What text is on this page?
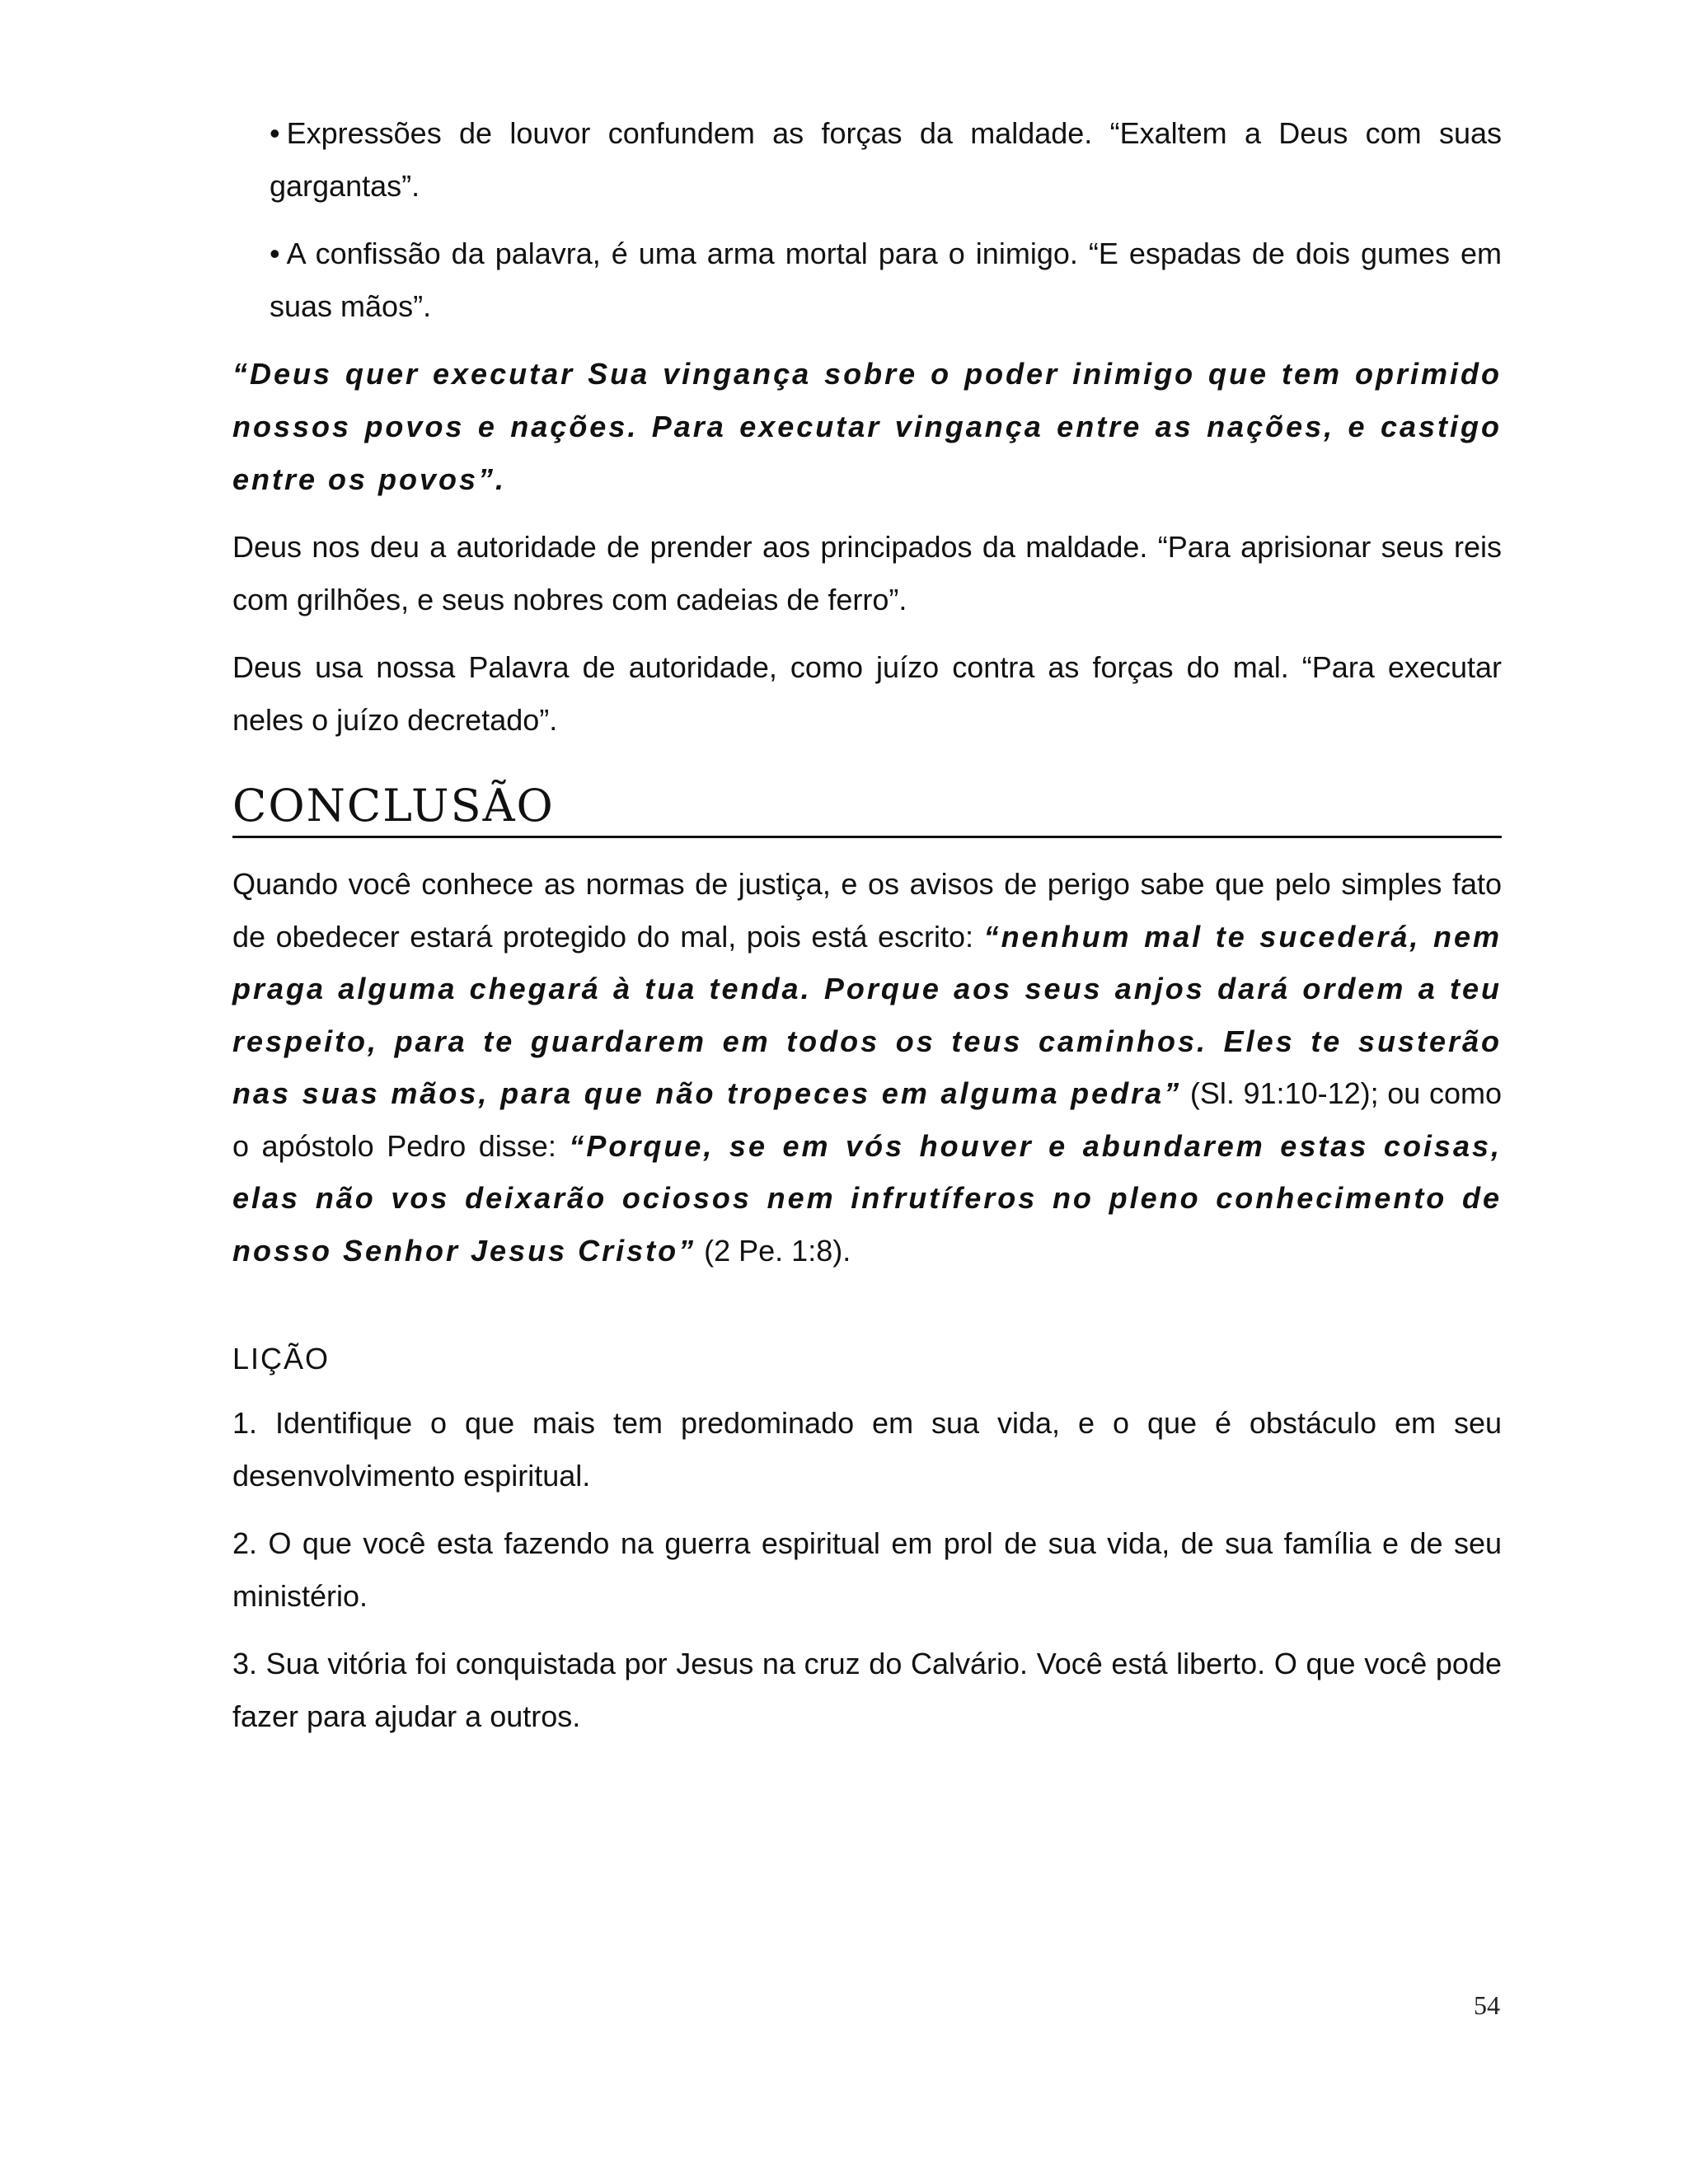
• Expressões de louvor confundem as forças da maldade. “Exaltem a Deus com suas gargantas”.

• A confissão da palavra, é uma arma mortal para o inimigo. “E espadas de dois gumes em suas mãos”.

“Deus quer executar Sua vingança sobre o poder inimigo que tem oprimido nossos povos e nações. Para executar vingança entre as nações, e castigo entre os povos”.

Deus nos deu a autoridade de prender aos principados da maldade. “Para aprisionar seus reis com grilhões, e seus nobres com cadeias de ferro”.

Deus usa nossa Palavra de autoridade, como juízo contra as forças do mal. “Para executar neles o juízo decretado”.

CONCLUSÃO

Quando você conhece as normas de justiça, e os avisos de perigo sabe que pelo simples fato de obedecer estará protegido do mal, pois está escrito: “nenhum mal te sucederá, nem praga alguma chegará à tua tenda. Porque aos seus anjos dará ordem a teu respeito, para te guardarem em todos os teus caminhos. Eles te susterão nas suas mãos, para que não tropeces em alguma pedra” (Sl. 91:10-12); ou como o apóstolo Pedro disse: “Porque, se em vós houver e abundarem estas coisas, elas não vos deixarão ociosos nem infrutíferos no pleno conhecimento de nosso Senhor Jesus Cristo” (2 Pe. 1:8).

LIÇÃO

1. Identifique o que mais tem predominado em sua vida, e o que é obstáculo em seu desenvolvimento espiritual.

2. O que você esta fazendo na guerra espiritual em prol de sua vida, de sua família e de seu ministério.

3. Sua vitória foi conquistada por Jesus na cruz do Calvário. Você está liberto. O que você pode fazer para ajudar a outros.

54
